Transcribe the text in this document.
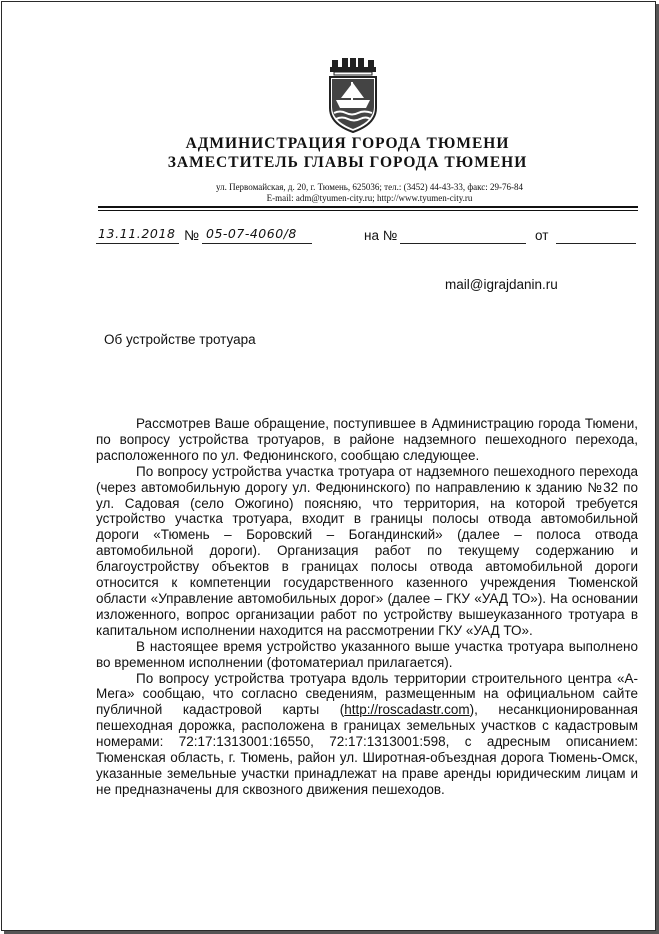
АДМИНИСТРАЦИЯ ГОРОДА ТЮМЕНИ
ЗАМЕСТИТЕЛЬ ГЛАВЫ ГОРОДА ТЮМЕНИ
ул. Первомайская, д. 20, г. Тюмень, 625036; тел.: (3452) 44-43-33, факс: 29-76-84
E-mail: adm@tyumen-city.ru; http://www.tyumen-city.ru
13.11.2018 № 05-07-4060/8	на №	от
mail@igrajdanin.ru
Об устройстве тротуара

Рассмотрев Ваше обращение, поступившее в Администрацию города Тюмени, по вопросу устройства тротуаров, в районе надземного пешеходного перехода, расположенного по ул. Федюнинского, сообщаю следующее.

По вопросу устройства участка тротуара от надземного пешеходного перехода (через автомобильную дорогу ул. Федюнинского) по направлению к зданию №32 по ул. Садовая (село Ожогино) поясняю, что территория, на которой требуется устройство участка тротуара, входит в границы полосы отвода автомобильной дороги «Тюмень – Боровский – Богандинский» (далее – полоса отвода автомобильной дороги). Организация работ по текущему содержанию и благоустройству объектов в границах полосы отвода автомобильной дороги относится к компетенции государственного казенного учреждения Тюменской области «Управление автомобильных дорог» (далее – ГКУ «УАД ТО»). На основании изложенного, вопрос организации работ по устройству вышеуказанного тротуара в капитальном исполнении находится на рассмотрении ГКУ «УАД ТО».

В настоящее время устройство указанного выше участка тротуара выполнено во временном исполнении (фотоматериал прилагается).

По вопросу устройства тротуара вдоль территории строительного центра «А-Мега» сообщаю, что согласно сведениям, размещенным на официальном сайте публичной кадастровой карты (http://roscadastr.com), несанкционированная пешеходная дорожка, расположена в границах земельных участков с кадастровым номерами: 72:17:1313001:16550, 72:17:1313001:598, с адресным описанием: Тюменская область, г. Тюмень, район ул. Широтная-объездная дорога Тюмень-Омск, указанные земельные участки принадлежат на праве аренды юридическим лицам и не предназначены для сквозного движения пешеходов.
